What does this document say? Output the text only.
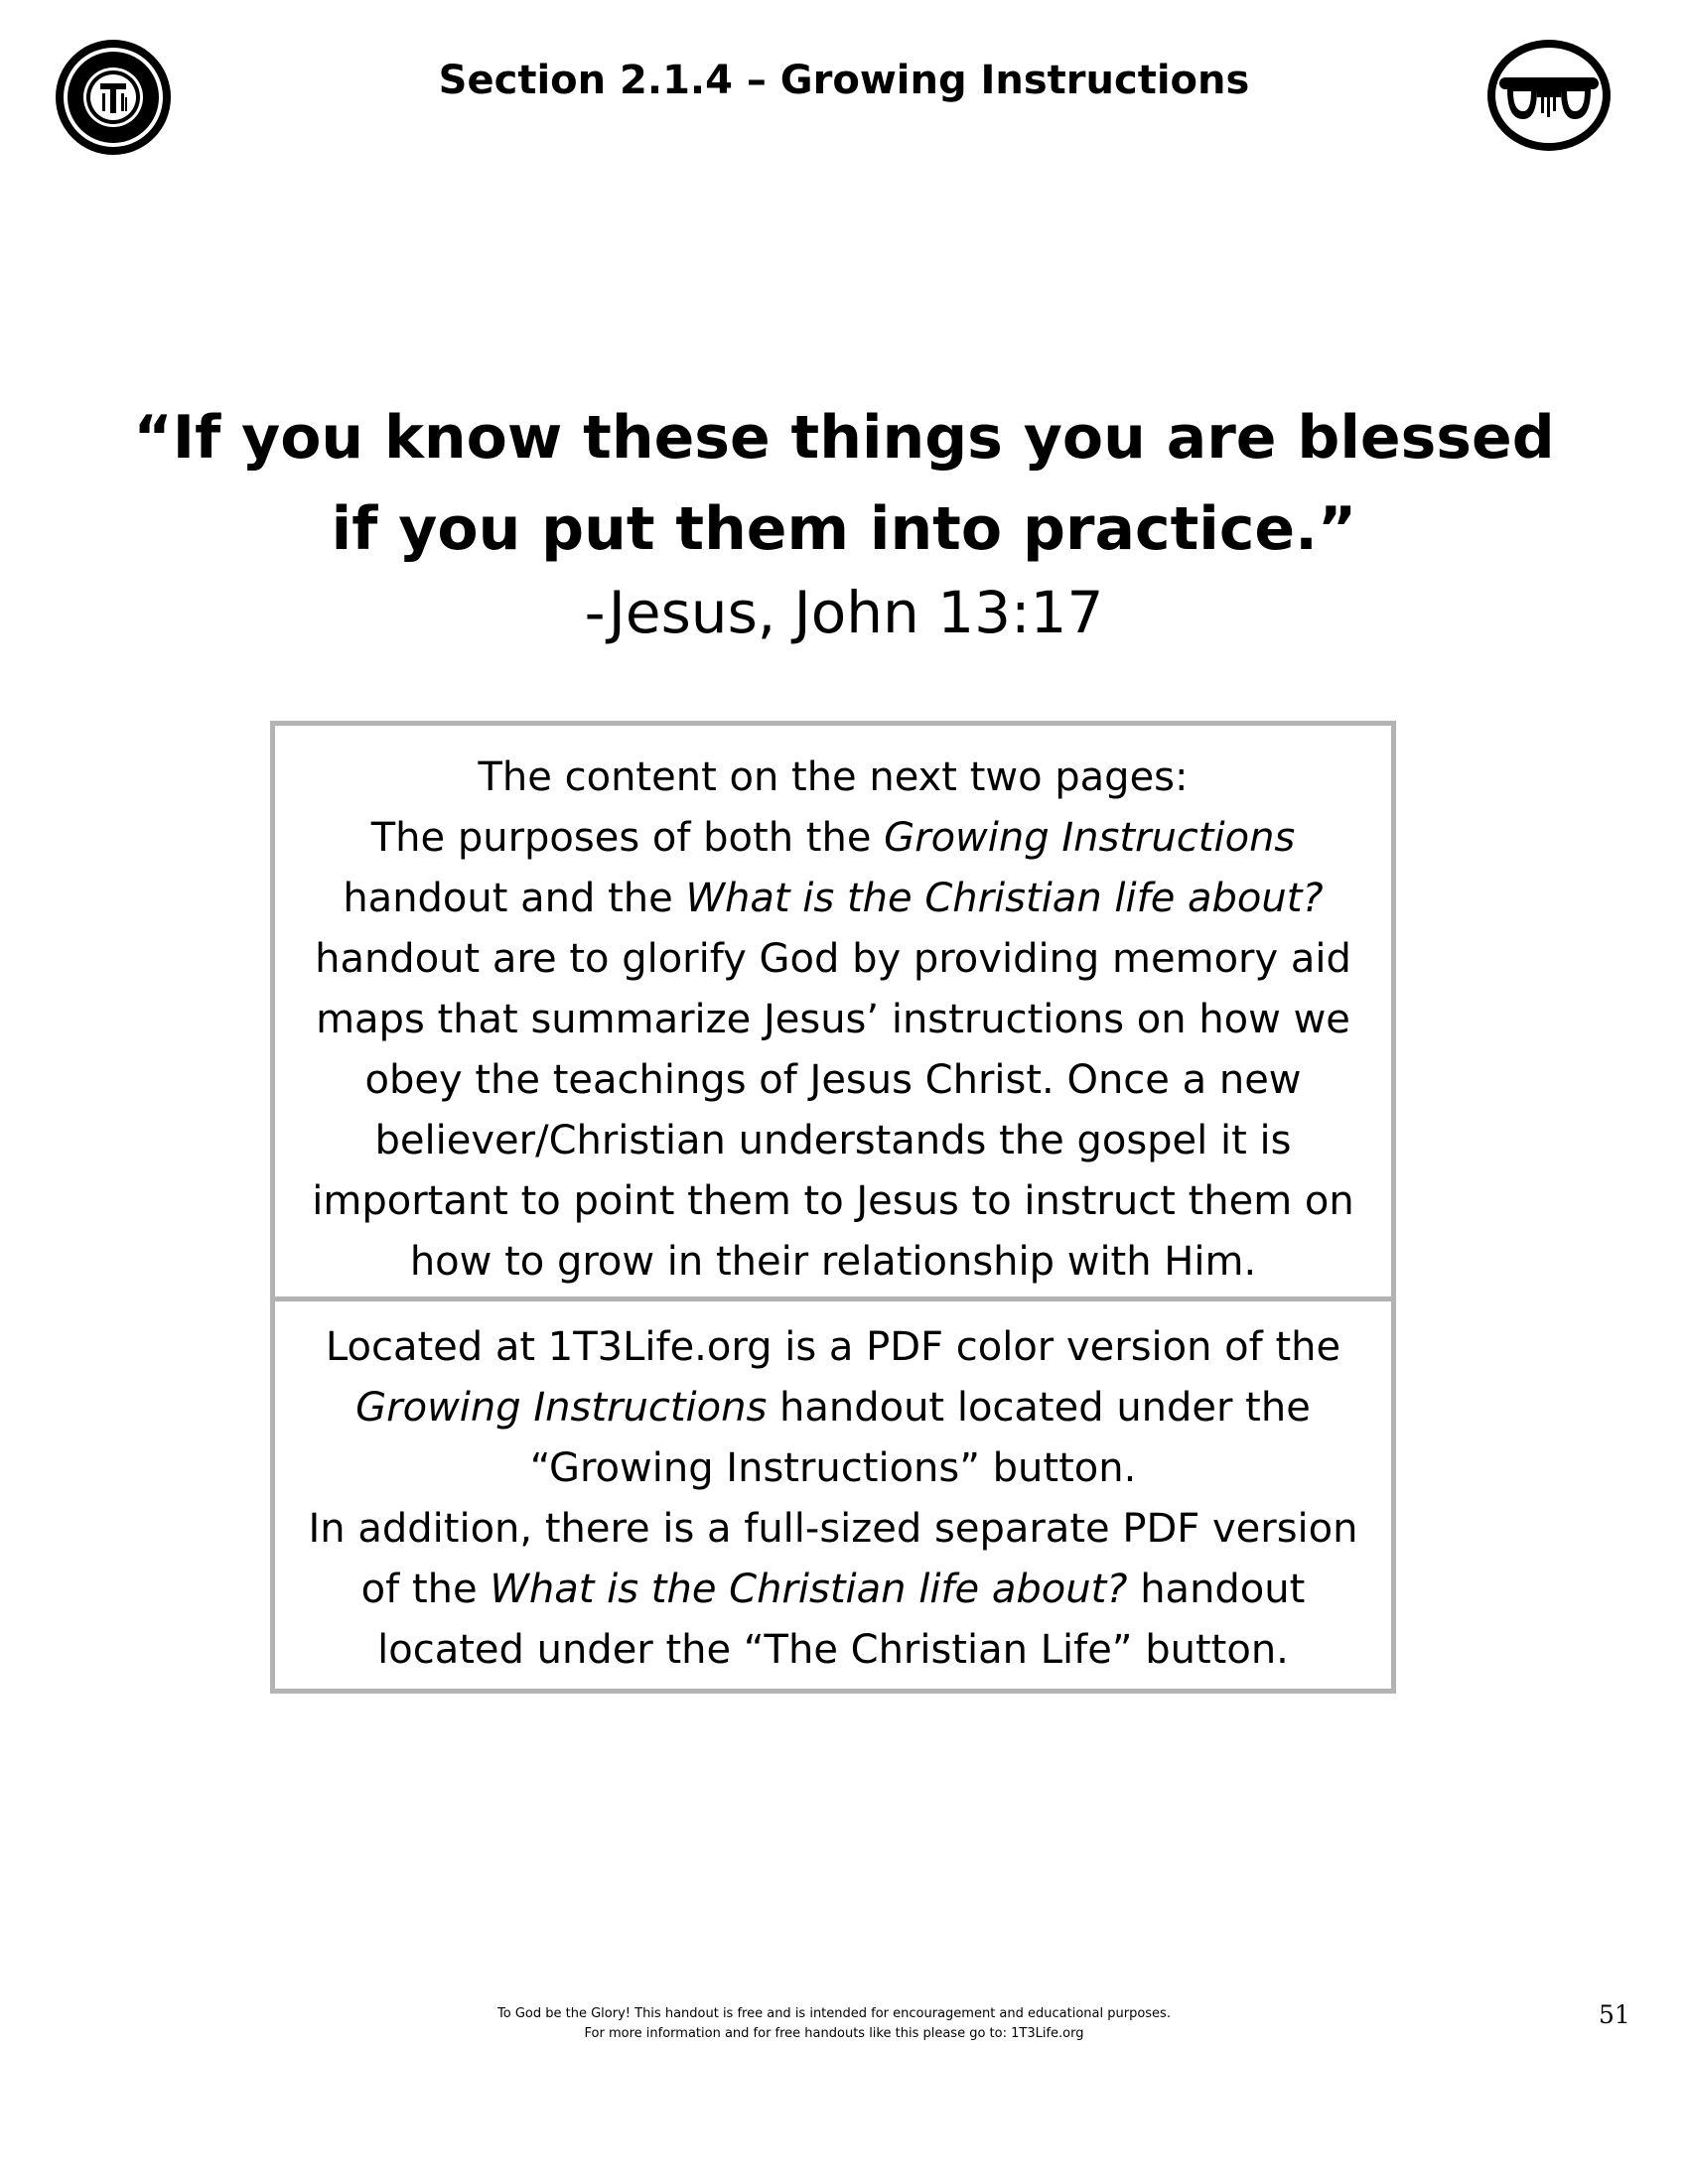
Section 2.1.4 – Growing Instructions
“If you know these things you are blessed
if you put them into practice.”
-Jesus, John 13:17
The content on the next two pages:
The purposes of both the Growing Instructions
handout and the What is the Christian life about?
handout are to glorify God by providing memory aid
maps that summarize Jesus’ instructions on how we
obey the teachings of Jesus Christ. Once a new
believer/Christian understands the gospel it is
important to point them to Jesus to instruct them on
how to grow in their relationship with Him.
Located at 1T3Life.org is a PDF color version of the
Growing Instructions handout located under the
“Growing Instructions” button.
In addition, there is a full-sized separate PDF version
of the What is the Christian life about? handout
located under the “The Christian Life” button.
To God be the Glory! This handout is free and is intended for encouragement and educational purposes.
For more information and for free handouts like this please go to: 1T3Life.org
51
